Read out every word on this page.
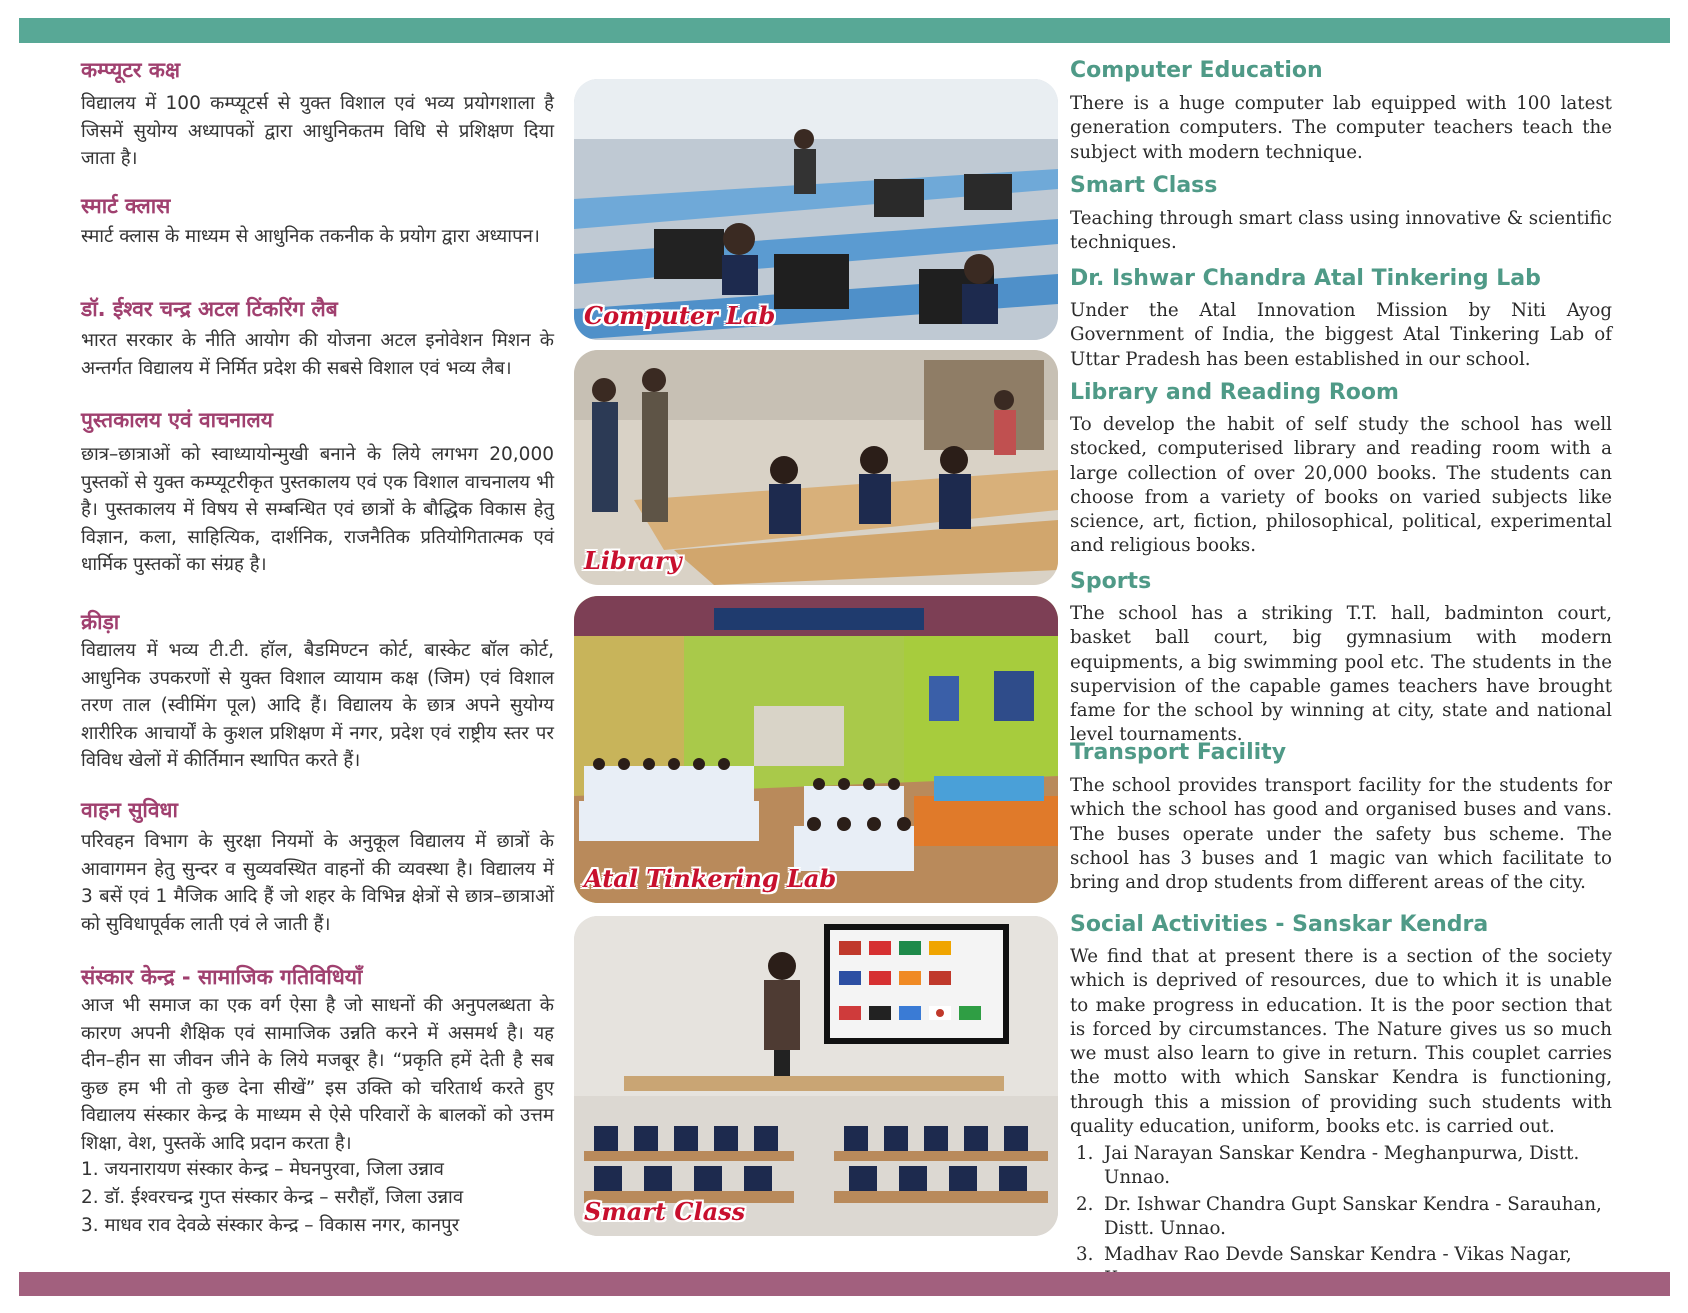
कम्प्यूटर कक्ष

विद्यालय में 100 कम्प्यूटर्स से युक्त विशाल एवं भव्य प्रयोगशाला है जिसमें सुयोग्य अध्यापकों द्वारा आधुनिकतम विधि से प्रशिक्षण दिया जाता है।

स्मार्ट क्लास

स्मार्ट क्लास के माध्यम से आधुनिक तकनीक के प्रयोग द्वारा अध्यापन।

डॉ. ईश्वर चन्द्र अटल टिंकरिंग लैब

भारत सरकार के नीति आयोग की योजना अटल इनोवेशन मिशन के अन्तर्गत विद्यालय में निर्मित प्रदेश की सबसे विशाल एवं भव्य लैब।

पुस्तकालय एवं वाचनालय

छात्र–छात्राओं को स्वाध्यायोन्मुखी बनाने के लिये लगभग 20,000 पुस्तकों से युक्त कम्प्यूटरीकृत पुस्तकालय एवं एक विशाल वाचनालय भी है। पुस्तकालय में विषय से सम्बन्धित एवं छात्रों के बौद्धिक विकास हेतु विज्ञान, कला, साहित्यिक, दार्शनिक, राजनैतिक प्रतियोगितात्मक एवं धार्मिक पुस्तकों का संग्रह है।

क्रीड़ा

विद्यालय में भव्य टी.टी. हॉल, बैडमिण्टन कोर्ट, बास्केट बॉल कोर्ट, आधुनिक उपकरणों से युक्त विशाल व्यायाम कक्ष (जिम) एवं विशाल तरण ताल (स्वीमिंग पूल) आदि हैं। विद्यालय के छात्र अपने सुयोग्य शारीरिक आचार्यों के कुशल प्रशिक्षण में नगर, प्रदेश एवं राष्ट्रीय स्तर पर विविध खेलों में कीर्तिमान स्थापित करते हैं।

वाहन सुविधा

परिवहन विभाग के सुरक्षा नियमों के अनुकूल विद्यालय में छात्रों के आवागमन हेतु सुन्दर व सुव्यवस्थित वाहनों की व्यवस्था है। विद्यालय में 3 बसें एवं 1 मैजिक आदि हैं जो शहर के विभिन्न क्षेत्रों से छात्र–छात्राओं को सुविधापूर्वक लाती एवं ले जाती हैं।

संस्कार केन्द्र - सामाजिक गतिविधियाँ

आज भी समाज का एक वर्ग ऐसा है जो साधनों की अनुपलब्धता के कारण अपनी शैक्षिक एवं सामाजिक उन्नति करने में असमर्थ है। यह दीन–हीन सा जीवन जीने के लिये मजबूर है। “प्रकृति हमें देती है सब कुछ हम भी तो कुछ देना सीखें” इस उक्ति को चरितार्थ करते हुए विद्यालय संस्कार केन्द्र के माध्यम से ऐसे परिवारों के बालकों को उत्तम शिक्षा, वेश, पुस्तकें आदि प्रदान करता है।

1. जयनारायण संस्कार केन्द्र – मेघनपुरवा, जिला उन्नाव
2. डॉ. ईश्वरचन्द्र गुप्त संस्कार केन्द्र – सरौहाँ, जिला उन्नाव
3. माधव राव देवळे संस्कार केन्द्र – विकास नगर, कानपुर
Computer Lab
Library
Atal Tinkering Lab
Smart Class
Computer Education

There is a huge computer lab equipped with 100 latest generation computers. The computer teachers teach the subject with modern technique.

Smart Class

Teaching through smart class using innovative & scientific techniques.

Dr. Ishwar Chandra Atal Tinkering Lab

Under the Atal Innovation Mission by Niti Ayog Government of India, the biggest Atal Tinkering Lab of Uttar Pradesh has been established in our school.

Library and Reading Room

To develop the habit of self study the school has well stocked, computerised library and reading room with a large collection of over 20,000 books. The students can choose from a variety of books on varied subjects like science, art, fiction, philosophical, political, experimental and religious books.

Sports

The school has a striking T.T. hall, badminton court, basket ball court, big gymnasium with modern equipments, a big swimming pool etc. The students in the supervision of the capable games teachers have brought fame for the school by winning at city, state and national level tournaments.

Transport Facility

The school provides transport facility for the students for which the school has good and organised buses and vans. The buses operate under the safety bus scheme. The school has 3 buses and 1 magic van which facilitate to bring and drop students from different areas of the city.

Social Activities - Sanskar Kendra

We find that at present there is a section of the society which is deprived of resources, due to which it is unable to make progress in education. It is the poor section that is forced by circumstances. The Nature gives us so much we must also learn to give in return. This couplet carries the motto with which Sanskar Kendra is functioning, through this a mission of providing such students with quality education, uniform, books etc. is carried out.

1. Jai Narayan Sanskar Kendra - Meghanpurwa, Distt. Unnao.
2. Dr. Ishwar Chandra Gupt Sanskar Kendra - Sarauhan, Distt. Unnao.
3. Madhav Rao Devde Sanskar Kendra - Vikas Nagar,
